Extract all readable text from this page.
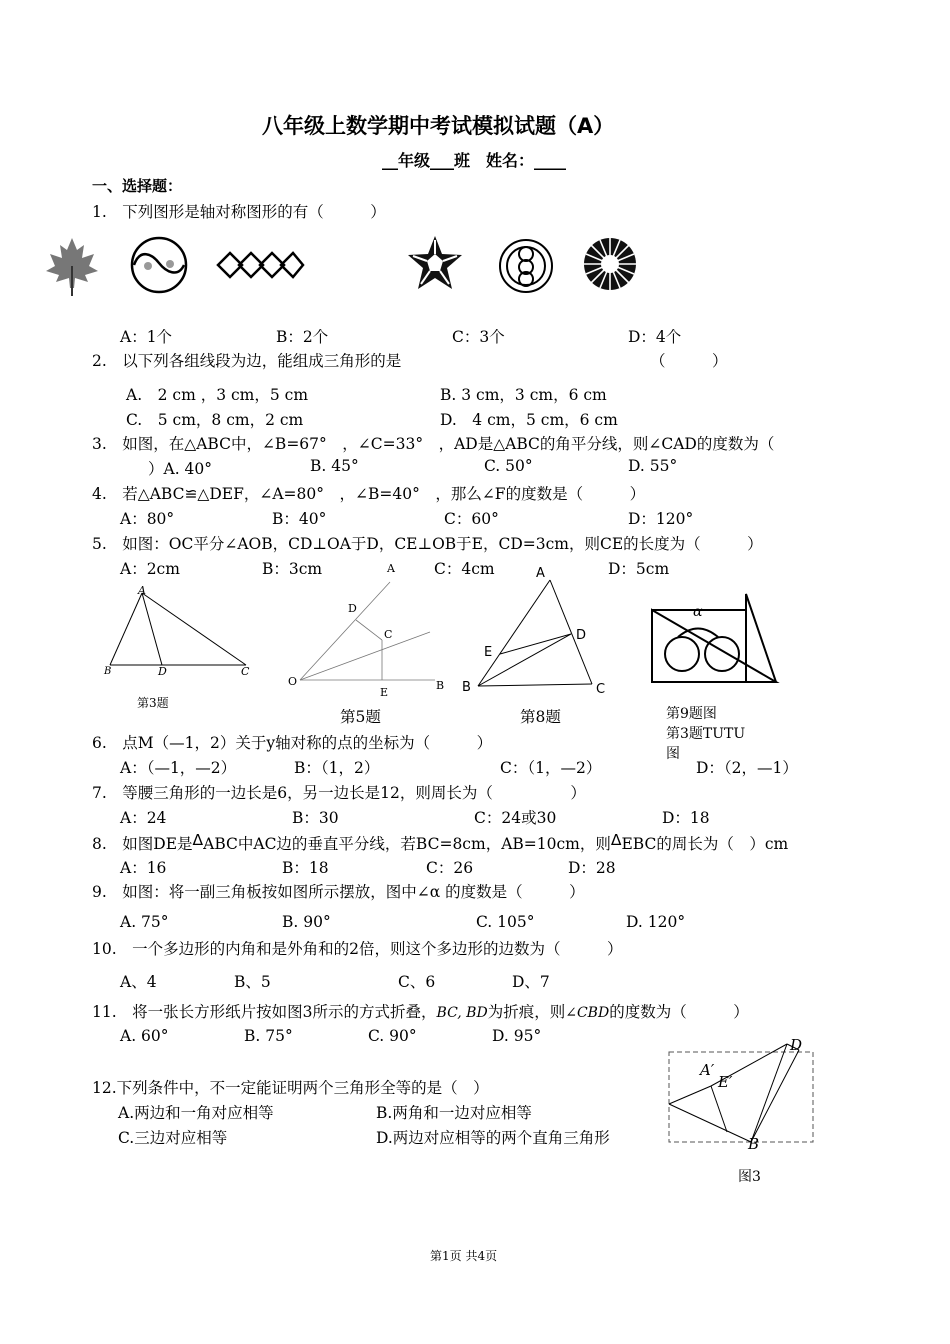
八年级上数学期中考试模拟试题（A）
__年级___班　姓名：____
一、选择题：
1.　下列图形是轴对称图形的有（　　　）
A：1个	B：2个	C：3个	D：4个
2.　以下列各组线段为边，能组成三角形的是	（　　　）
A.　2 cm ，3 cm，5 cm	B. 3 cm，3 cm，6 cm
C.　5 cm，8 cm，2 cm	D.　4 cm，5 cm，6 cm
3.　如图，在△ABC中，∠B=67°　，∠C=33°　，AD是△ABC的角平分线，则∠CAD的度数为（
）A. 40°	B. 45°	C. 50°	D. 55°
4.　若△ABC≌△DEF，∠A=80°　，∠B=40°　，那么∠F的度数是（　　　）
A：80°	B：40°	C：60°	D：120°
5.　如图：OC平分∠AOB，CD⊥OA于D，CE⊥OB于E，CD=3cm，则CE的长度为（　　　）
A：2cm	B：3cm	C：4cm	D：5cm
A
B	D	C
第3题
A
D
C
O
E
B
第5题
A
D
E
B	C
第8题
α
第9题图
第3题TUTU
图
6.　点M（—1，2）关于y轴对称的点的坐标为（　　　）
A：（—1，—2）	B：（1，2）	C：（1，—2）	D：（2，—1）
7.　等腰三角形的一边长是6，另一边长是12，则周长为（　　　　　）
A：24	B：30	C：24或30	D：18
8.　如图DE是ΔABC中AC边的垂直平分线，若BC=8cm，AB=10cm，则ΔEBC的周长为（　）cm
A：16	B：18	C：26	D：28
9.　如图：将一副三角板按如图所示摆放，图中∠α 的度数是（　　　）
A. 75°	B. 90°	C. 105°	D. 120°
10.　一个多边形的内角和是外角和的2倍，则这个多边形的边数为（　　　）
A、4	B、5	C、6	D、7
11.　将一张长方形纸片按如图3所示的方式折叠，BC, BD为折痕，则∠CBD的度数为（　　　）
A. 60°	B. 75°	C. 90°	D. 95°	D
A′
E′
B
图3
12.下列条件中，不一定能证明两个三角形全等的是（　）
A.两边和一角对应相等	B.两角和一边对应相等
C.三边对应相等	D.两边对应相等的两个直角三角形
第1页 共4页
